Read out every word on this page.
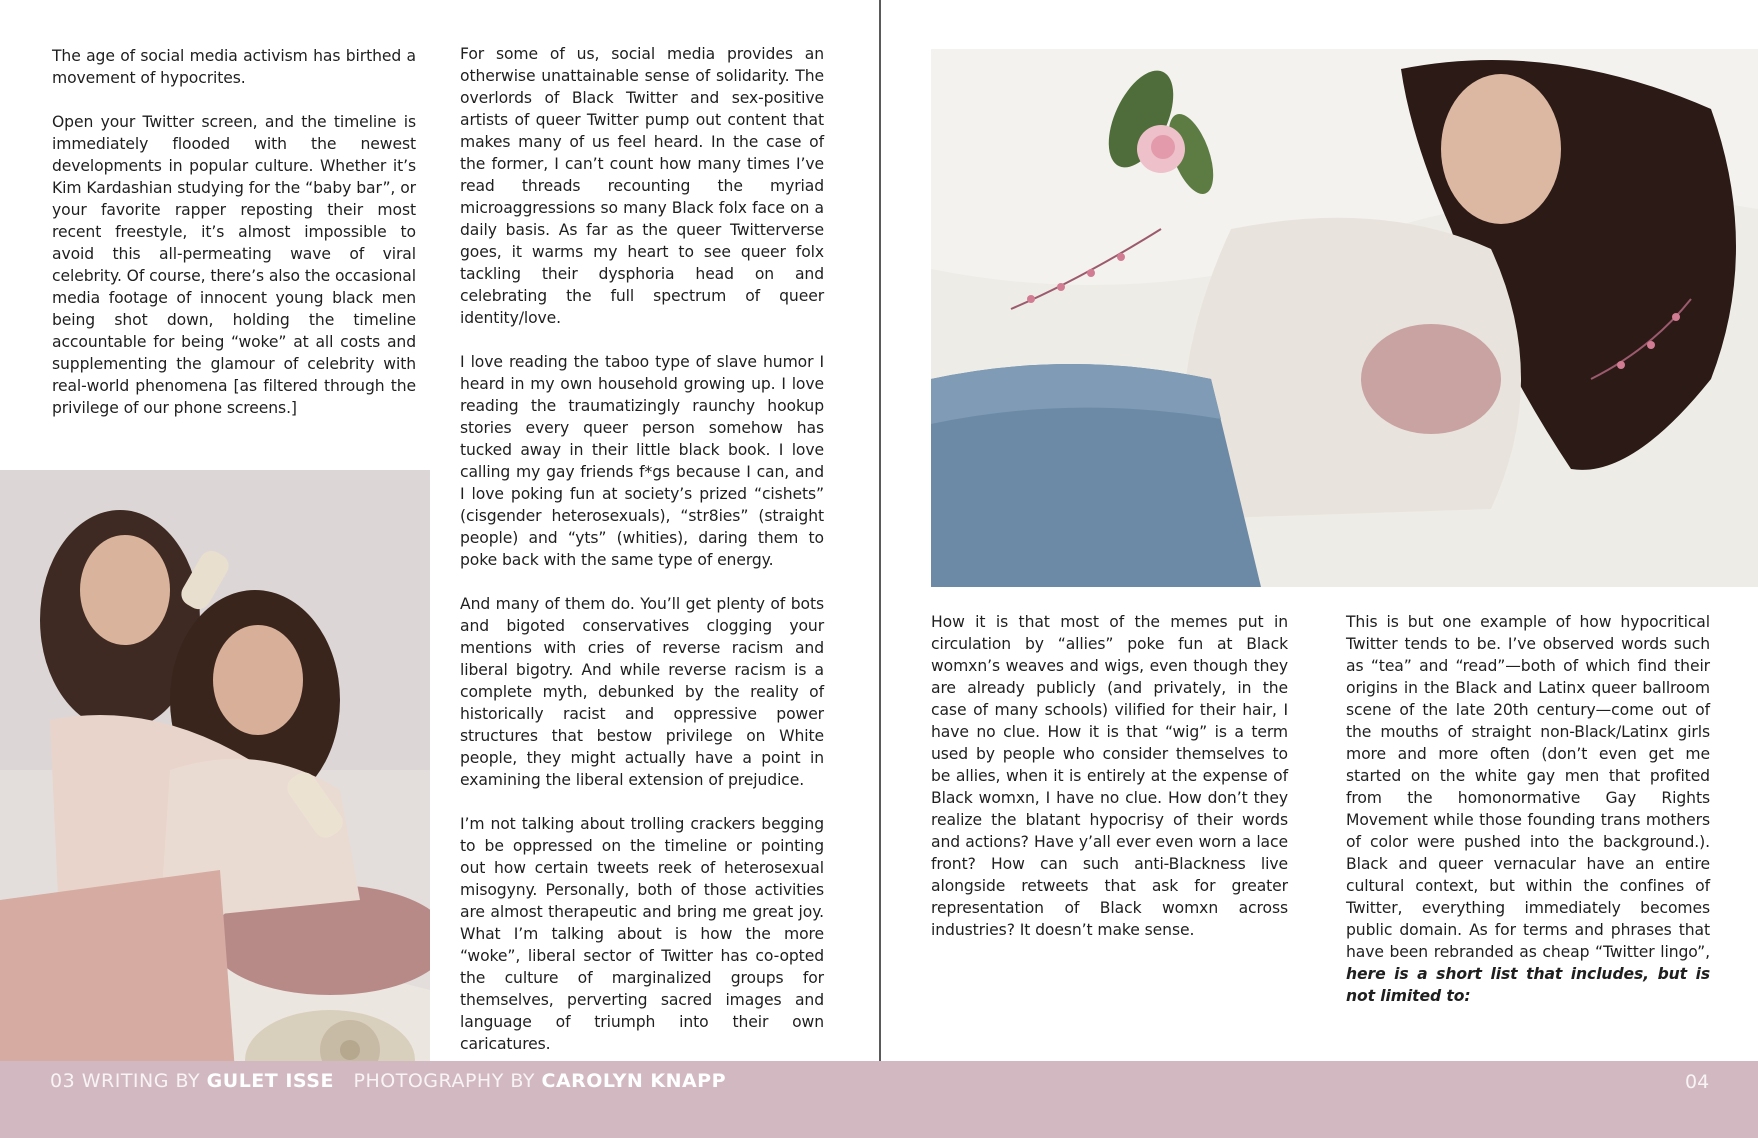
The age of social media activism has birthed a movement of hypocrites.

Open your Twitter screen, and the timeline is immediately flooded with the newest developments in popular culture. Whether it’s Kim Kardashian studying for the “baby bar”, or your favorite rapper reposting their most recent freestyle, it’s almost impossible to avoid this all-permeating wave of viral celebrity. Of course, there’s also the occasional media footage of innocent young black men being shot down, holding the timeline accountable for being “woke” at all costs and supplementing the glamour of celebrity with real-world phenomena [as filtered through the privilege of our phone screens.]

For some of us, social media provides an otherwise unattainable sense of solidarity. The overlords of Black Twitter and sex-positive artists of queer Twitter pump out content that makes many of us feel heard. In the case of the former, I can’t count how many times I’ve read threads recounting the myriad microaggressions so many Black folx face on a daily basis. As far as the queer Twitterverse goes, it warms my heart to see queer folx tackling their dysphoria head on and celebrating the full spectrum of queer identity/love.

I love reading the taboo type of slave humor I heard in my own household growing up. I love reading the traumatizingly raunchy hookup stories every queer person somehow has tucked away in their little black book. I love calling my gay friends f*gs because I can, and I love poking fun at society’s prized “cishets” (cisgender heterosexuals), “str8ies” (straight people) and “yts” (whities), daring them to poke back with the same type of energy.

And many of them do. You’ll get plenty of bots and bigoted conservatives clogging your mentions with cries of reverse racism and liberal bigotry. And while reverse racism is a complete myth, debunked by the reality of historically racist and oppressive power structures that bestow privilege on White people, they might actually have a point in examining the liberal extension of prejudice.

I’m not talking about trolling crackers begging to be oppressed on the timeline or pointing out how certain tweets reek of heterosexual misogyny. Personally, both of those activities are almost therapeutic and bring me great joy. What I’m talking about is how the more “woke”, liberal sector of Twitter has co-opted the culture of marginalized groups for themselves, perverting sacred images and language of triumph into their own caricatures.

How it is that most of the memes put in circulation by “allies” poke fun at Black womxn’s weaves and wigs, even though they are already publicly (and privately, in the case of many schools) vilified for their hair, I have no clue. How it is that “wig” is a term used by people who consider themselves to be allies, when it is entirely at the expense of Black womxn, I have no clue. How don’t they realize the blatant hypocrisy of their words and actions? Have y’all ever even worn a lace front? How can such anti-Blackness live alongside retweets that ask for greater representation of Black womxn across industries? It doesn’t make sense.

This is but one example of how hypocritical Twitter tends to be. I’ve observed words such as “tea” and “read”—both of which find their origins in the Black and Latinx queer ballroom scene of the late 20th century—come out of the mouths of straight non-Black/Latinx girls more and more often (don’t even get me started on the white gay men that profited from the homonormative Gay Rights Movement while those founding trans mothers of color were pushed into the background.). Black and queer vernacular have an entire cultural context, but within the confines of Twitter, everything immediately becomes public domain. As for terms and phrases that have been rebranded as cheap “Twitter lingo”, here is a short list that includes, but is not limited to:

03 WRITING BY GULET ISSE PHOTOGRAPHY BY CAROLYN KNAPP	04
